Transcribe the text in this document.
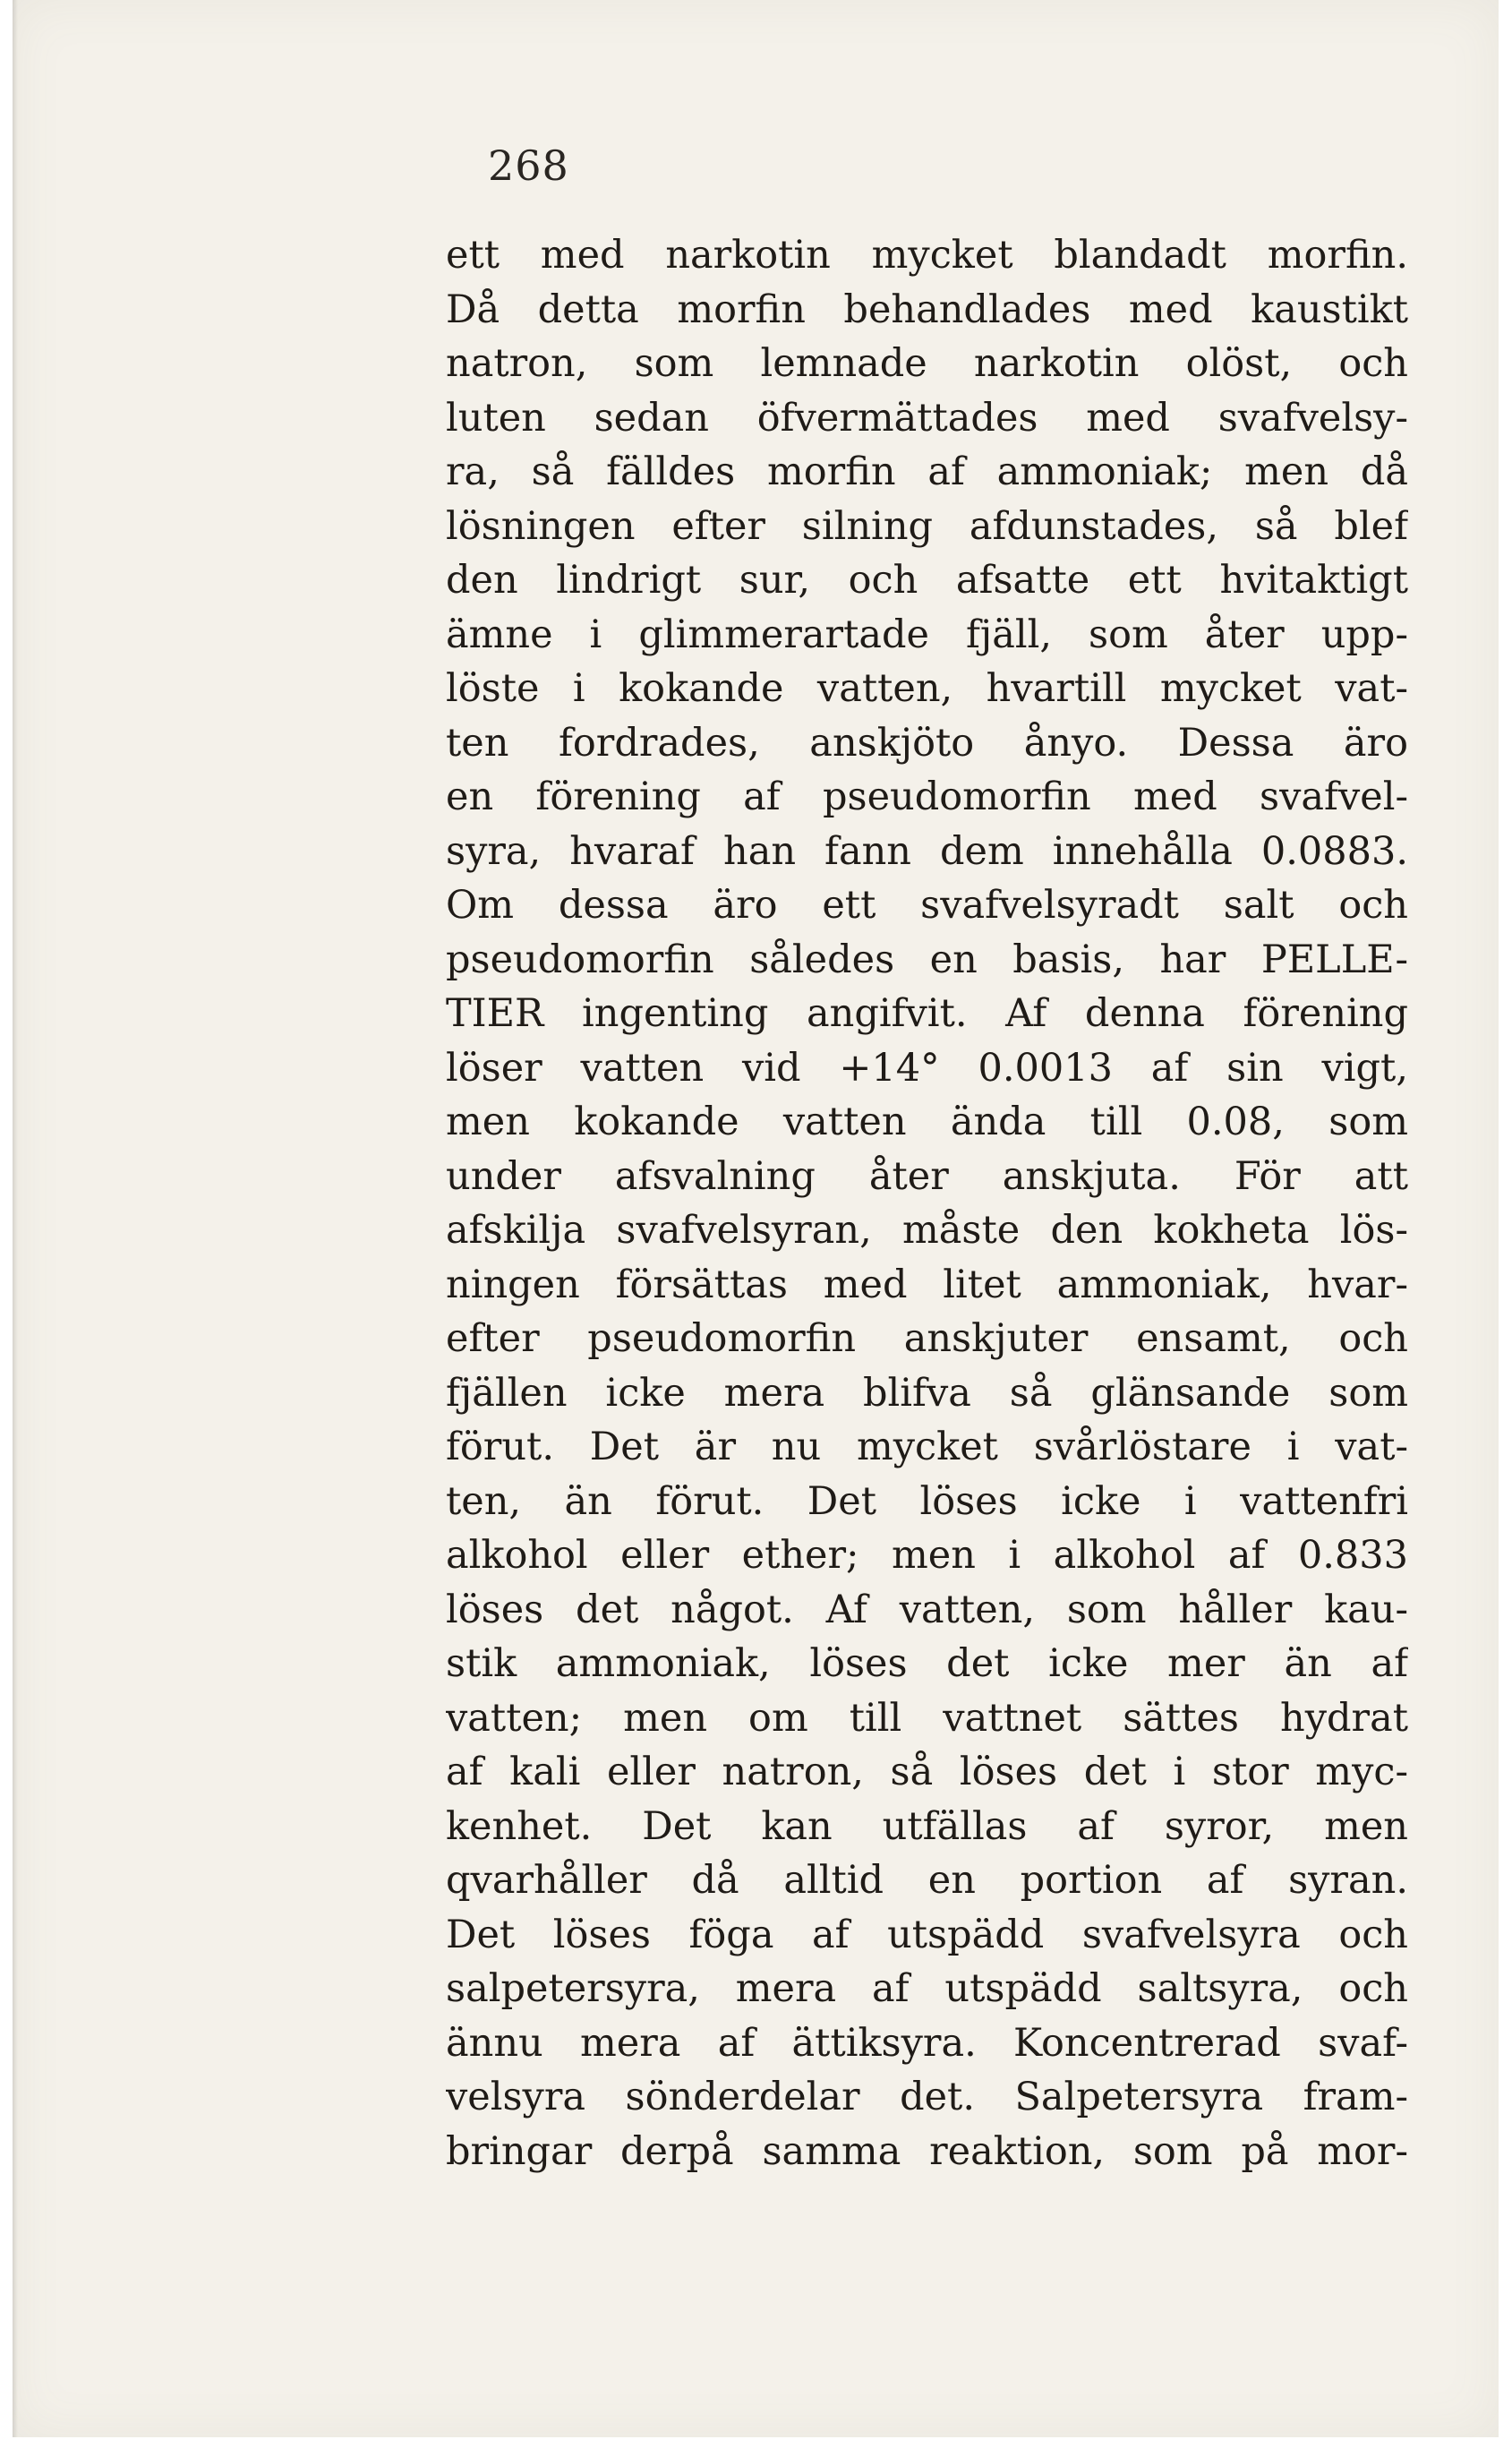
268
ett med narkotin mycket blandadt morfin.
Då detta morfin behandlades med kaustikt
natron, som lemnade narkotin olöst, och
luten sedan öfvermättades med svafvelsy-
ra, så fälldes morfin af ammoniak; men då
lösningen efter silning afdunstades, så blef
den lindrigt sur, och afsatte ett hvitaktigt
ämne i glimmerartade fjäll, som åter upp-
löste i kokande vatten, hvartill mycket vat-
ten fordrades, anskjöto ånyo. Dessa äro
en förening af pseudomorfin med svafvel-
syra, hvaraf han fann dem innehålla 0.0883.
Om dessa äro ett svafvelsyradt salt och
pseudomorfin således en basis, har PELLE-
TIER ingenting angifvit. Af denna förening
löser vatten vid +14° 0.0013 af sin vigt,
men kokande vatten ända till 0.08, som
under afsvalning åter anskjuta. För att
afskilja svafvelsyran, måste den kokheta lös-
ningen försättas med litet ammoniak, hvar-
efter pseudomorfin anskjuter ensamt, och
fjällen icke mera blifva så glänsande som
förut. Det är nu mycket svårlöstare i vat-
ten, än förut. Det löses icke i vattenfri
alkohol eller ether; men i alkohol af 0.833
löses det något. Af vatten, som håller kau-
stik ammoniak, löses det icke mer än af
vatten; men om till vattnet sättes hydrat
af kali eller natron, så löses det i stor myc-
kenhet. Det kan utfällas af syror, men
qvarhåller då alltid en portion af syran.
Det löses föga af utspädd svafvelsyra och
salpetersyra, mera af utspädd saltsyra, och
ännu mera af ättiksyra. Koncentrerad svaf-
velsyra sönderdelar det. Salpetersyra fram-
bringar derpå samma reaktion, som på mor-
